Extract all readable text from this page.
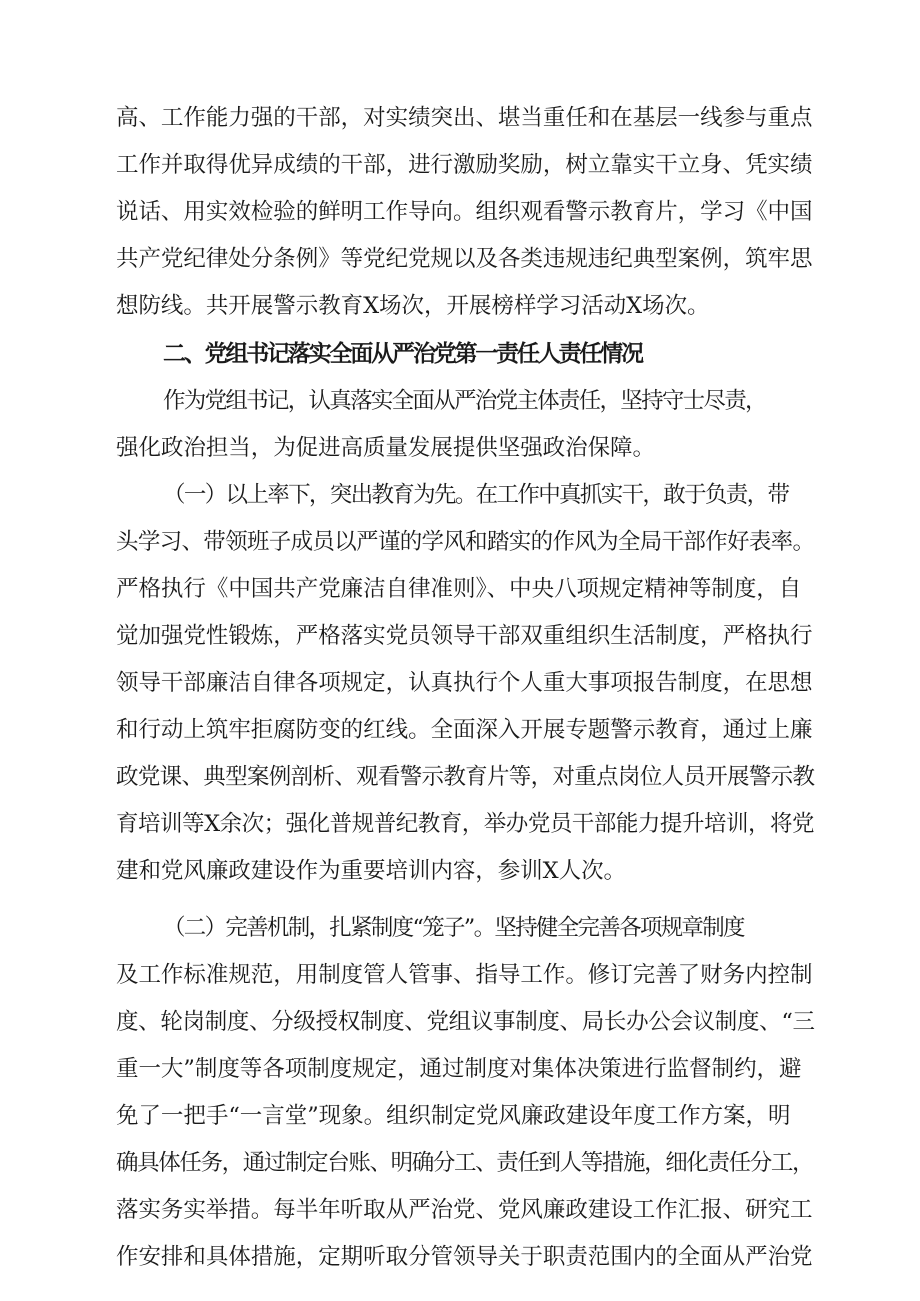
高、工作能力强的干部，对实绩突出、堪当重任和在基层一线参与重点
工作并取得优异成绩的干部，进行激励奖励，树立靠实干立身、凭实绩
说话、用实效检验的鲜明工作导向。组织观看警示教育片，学习《中国
共产党纪律处分条例》等党纪党规以及各类违规违纪典型案例，筑牢思
想防线。共开展警示教育X场次，开展榜样学习活动X场次。
二、党组书记落实全面从严治党第一责任人责任情况
作为党组书记，认真落实全面从严治党主体责任，坚持守士尽责，
强化政治担当，为促进高质量发展提供坚强政治保障。
（一）以上率下，突出教育为先。在工作中真抓实干，敢于负责，带
头学习、带领班子成员以严谨的学风和踏实的作风为全局干部作好表率。
严格执行《中国共产党廉洁自律准则》、中央八项规定精神等制度，自
觉加强党性锻炼，严格落实党员领导干部双重组织生活制度，严格执行
领导干部廉洁自律各项规定，认真执行个人重大事项报告制度，在思想
和行动上筑牢拒腐防变的红线。全面深入开展专题警示教育，通过上廉
政党课、典型案例剖析、观看警示教育片等，对重点岗位人员开展警示教
育培训等X余次；强化普规普纪教育，举办党员干部能力提升培训，将党
建和党风廉政建设作为重要培训内容，参训X人次。
（二）完善机制，扎紧制度“笼子”。坚持健全完善各项规章制度
及工作标准规范，用制度管人管事、指导工作。修订完善了财务内控制
度、轮岗制度、分级授权制度、党组议事制度、局长办公会议制度、“三
重一大”制度等各项制度规定，通过制度对集体决策进行监督制约，避
免了一把手“一言堂”现象。组织制定党风廉政建设年度工作方案，明
确具体任务，通过制定台账、明确分工、责任到人等措施，细化责任分工，
落实务实举措。每半年听取从严治党、党风廉政建设工作汇报、研究工
作安排和具体措施，定期听取分管领导关于职责范围内的全面从严治党
